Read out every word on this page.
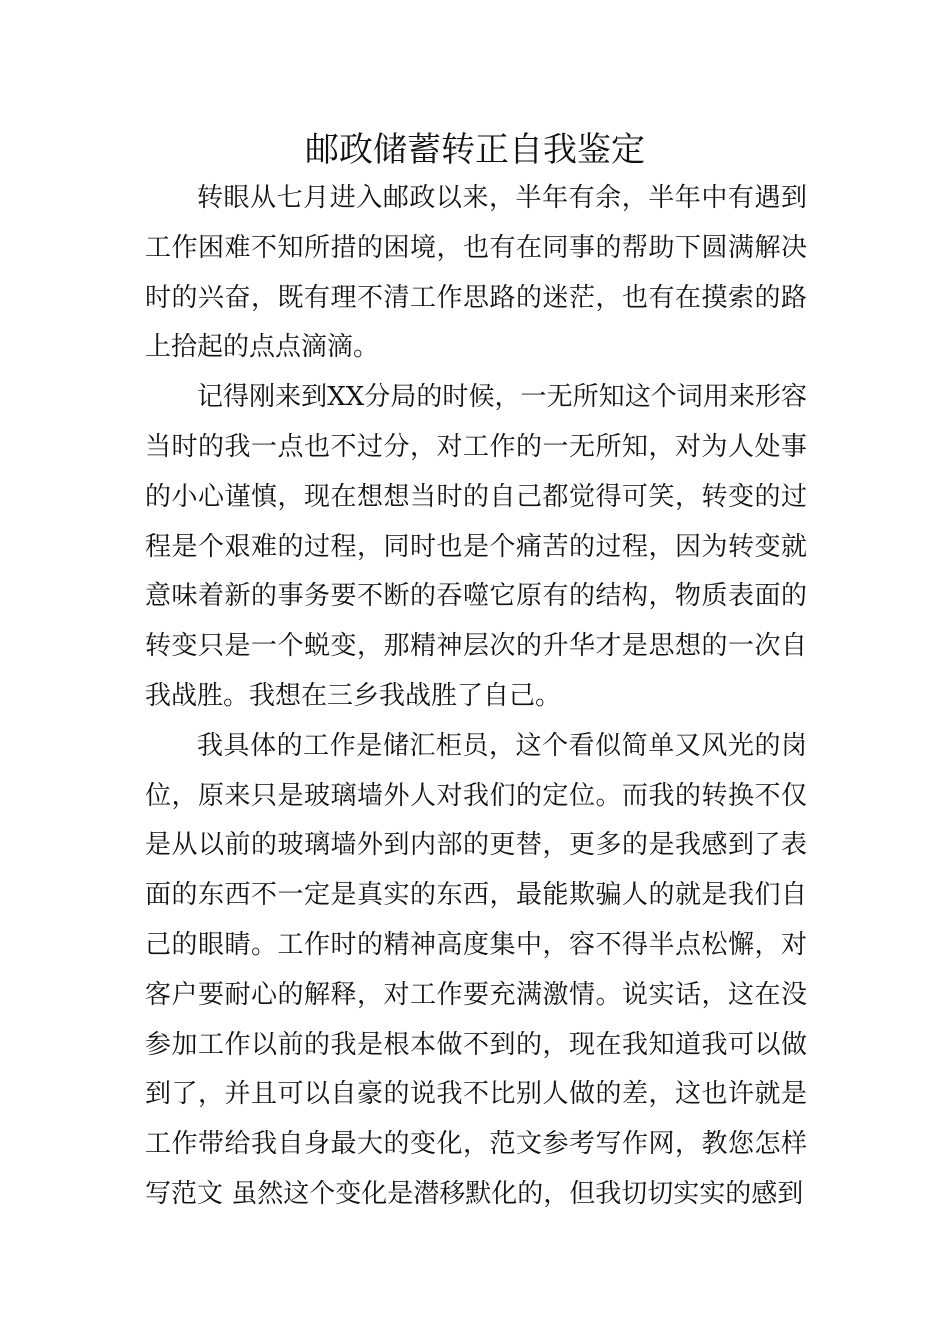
邮政储蓄转正自我鉴定

转眼从七月进入邮政以来，半年有余，半年中有遇到工作困难不知所措的困境，也有在同事的帮助下圆满解决时的兴奋，既有理不清工作思路的迷茫，也有在摸索的路上拾起的点点滴滴。

记得刚来到XX分局的时候，一无所知这个词用来形容当时的我一点也不过分，对工作的一无所知，对为人处事的小心谨慎，现在想想当时的自己都觉得可笑，转变的过程是个艰难的过程，同时也是个痛苦的过程，因为转变就意味着新的事务要不断的吞噬它原有的结构，物质表面的转变只是一个蜕变，那精神层次的升华才是思想的一次自我战胜。我想在三乡我战胜了自己。

我具体的工作是储汇柜员，这个看似简单又风光的岗位，原来只是玻璃墙外人对我们的定位。而我的转换不仅是从以前的玻璃墙外到内部的更替，更多的是我感到了表面的东西不一定是真实的东西，最能欺骗人的就是我们自己的眼睛。工作时的精神高度集中，容不得半点松懈，对客户要耐心的解释，对工作要充满激情。说实话，这在没参加工作以前的我是根本做不到的，现在我知道我可以做到了，并且可以自豪的说我不比别人做的差，这也许就是工作带给我自身最大的变化，范文参考写作网，教您怎样写范文 虽然这个变化是潜移默化的，但我切切实实的感到
